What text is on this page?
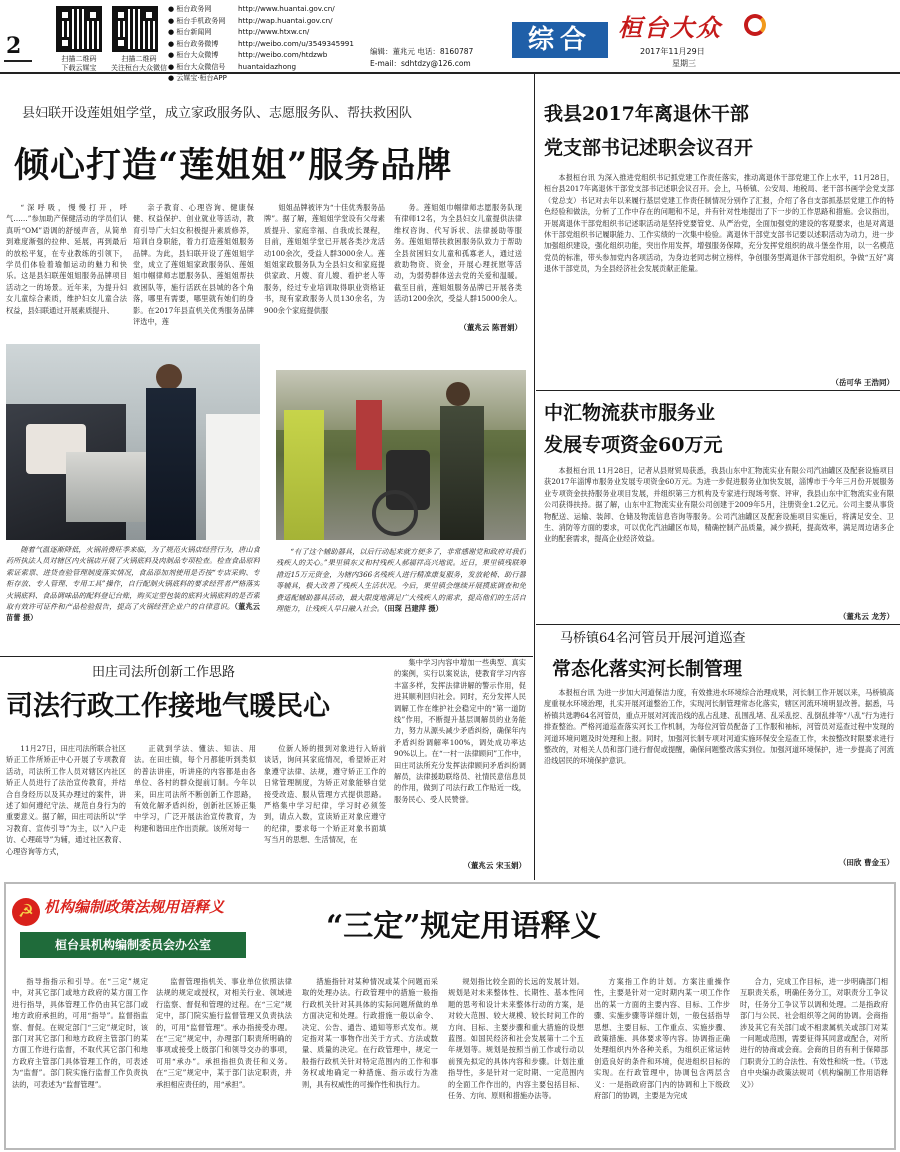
2	扫描二维码
下载云媒宝
扫描二维码
关注桓台大众微信
● 桓台政务网
● 桓台手机政务网
● 桓台新闻网
● 桓台政务微博
● 桓台大众微博
● 桓台大众微信号
● 云媒宝·桓台APP
http://www.huantai.gov.cn/
http://wap.huantai.gov.cn/
http://www.htxw.cn/
http://weibo.com/u/3549345991
http://weibo.com/htdzwb
huantaidazhong
编辑：董兆元 电话：8160787
E-mail：sdhtdzy@126.com
综合	桓台大众
2017年11月29日
星期三
县妇联开设莲姐姐学堂，成立家政服务队、志愿服务队、帮扶救困队
倾心打造“莲姐姐”服务品牌
“深呼吸，慢慢打开，呼气……”参加助产保健活动的学员们认真听“OM”语调的舒缓声音，从简单到难度渐强的拉伸、延展，再到最后的放松平复，在专业教练的引领下，学员们体验着瑜伽运动的魅力和快乐。这是县妇联莲姐姐服务品牌项目活动之一的场景。近年来，为提升妇女儿童综合素质，维护妇女儿童合法权益，县妇联通过开展素质提升、
亲子教育、心理咨询、健康保健、权益保护、创业就业等活动，教育引导广大妇女积极提升素质修养，培训自身职能，着力打造莲姐姐服务品牌。为此，县妇联开设了莲姐姐学堂，成立了莲姐姐家政服务队、莲姐姐巾帼律师志愿服务队、莲姐姐帮扶救困队等，施行活跃在县城的各个角落，哪里有需要，哪里就有她们的身影。在2017年县直机关优秀服务品牌评选中，莲
姐姐品牌被评为“十佳优秀服务品牌”。据了解，莲姐姐学堂设有父母素质提升、家庭幸福、自我成长课程，目前，莲姐姐学堂已开展各类沙龙活动100余次，受益人群3000余人。莲姐姐家政服务队为全县妇女和家庭提供家政、月嫂、育儿嫂、看护老人等服务，经过专业培训取得职业资格证书，现有家政服务人员130余名，为900余个家庭提供服
务。莲姐姐巾帼律师志愿服务队现有律师12名，为全县妇女儿童提供法律维权咨询、代写诉状、法律援助等服务。莲姐姐帮扶救困服务队致力于帮助全县贫困妇女儿童和孤寡老人，通过送救助物资、资金，开展心理抚慰等活动，为弱势群体送去党的关爱和温暖。截至目前，莲姐姐服务品牌已开展各类活动1200余次，受益人群15000余人。
（董兆云 陈晋娟）
随着气温逐渐降低，火锅消费旺季来临，为了规范火锅店经营行为，唐山食药所执法人员对辖区内火锅店开展了火锅底料及肉制品专项检查。检查食品原料索证索票、进货查验管理制度落实情况，食品添加剂使用是否按“专店采购、专柜存放、专人管理、专用工具”操作，自行配制火锅底料的要求经营者严格落实火锅底料、食品调味品的配料登记台账，购买定型包装的底料火锅底料的是否索取有效许可证件和产品检验报告，提高了火锅经营企业户的自律意识。（董兆云 苗蕾 摄）
“有了这个辅助器具，以后行动起来就方便多了，非常感谢党和政府对我们残疾人的关心。”果里镇东义和村残疾人郝福祥高兴地说。近日，果里镇残联筹措近15万元资金，为辖内366名残疾人进行精准康复服务，发放轮椅、助行器等辅具，极大改善了残疾人生活状况。今后，果里镇会继续开展摸底调查和免费适配辅助器具活动，最大限度地满足广大残疾人的需求，提高他们的生活自理能力，让残疾人早日融入社会。（田琛 吕建萍 摄）
我县2017年离退休干部
党支部书记述职会议召开
本报桓台讯 为深入推进党组织书记抓党建工作责任落实，推动离退休干部党建工作上水平，11月28日，桓台县2017年离退休干部党支部书记述职会议召开。会上，马桥镇、公安局、地税局、老干部书画学会党支部（党总支）书记对去年以来履行基层党建工作责任制情况分别作了汇报，介绍了各自支部抓基层党建工作的特色经验和做法，分析了工作中存在的问题和不足，并有针对性地提出了下一步的工作思路和措施。会议指出，开展离退休干部党组织书记述职活动是坚持党要管党、从严治党，全面加强党的建设的客观要求，也是对离退休干部党组织书记履职能力、工作实绩的一次集中检验。离退休干部党支部书记要以述职活动为动力，进一步加强组织建设，强化组织功能，突出作用发挥，增强服务保障，充分发挥党组织的战斗堡垒作用，以一名模范党员的标准，带头参加党内各项活动，为身边老同志树立榜样，争创服务型离退休干部党组织，争做“五好”离退休干部党员，为全县经济社会发展贡献正能量。
（岳可华 王浩同）
中汇物流获市服务业
发展专项资金60万元
本报桓台讯 11月28日，记者从县财贸局获悉，我县山东中汇物流实业有限公司汽油罐区及配套设施项目获2017年淄博市服务业发展专项资金60万元。为进一步促进服务业加快发展，淄博市于今年三月份开展服务业专项资金扶持服务业项目发展，并组织第三方机构及专家进行现场考察、评审，我县山东中汇物流实业有限公司获得扶持。据了解，山东中汇物流实业有限公司创建于2009年5月，注册资金1.2亿元。公司主要从事货物配送、运输、装卸、仓储及物流信息咨询等服务。公司汽油罐区及配套设施项目实施后，将满足安全、卫生、消防等方面的要求，可以优化汽油罐区布局，精确控制产品质量，减少损耗，提高效率，满足周边诸多企业的配套需求，提高企业经济效益。
（董兆云 龙芳）
马桥镇64名河管员开展河道巡查
常态化落实河长制管理
本报桓台讯 为进一步加大河道保洁力度，有效推进水环境综合治理成果，河长制工作开展以来，马桥镇高度重视水环境治理，扎实开展河道整治工作，实现河长制管理常态化落实，辖区河流环境明显改善。据悉，马桥镇共选聘64名河管员，重点开展对河流沿线的乱占乱建、乱围乱堵、乱采乱挖、乱倒乱排等“八乱”行为进行排查整治。严格河道巡查落实河长工作机制，为每位河管员配备了工作服和袖标，河管员对巡查过程中发现的河道环境问题及时处理和上报。同时，加强河长制专项对河道实施环保安全巡查工作，未按整改时限要求进行整改的，对相关人员和部门进行督促或提醒，确保问题整改落实到位。加强河道环境保护，进一步提高了河流沿线居民的环境保护意识。
（田欣 曹金玉）
田庄司法所创新工作思路
司法行政工作接地气暖民心
11月27日，田庄司法所联合社区矫正工作所矫正中心开展了专项教育活动，司法所工作人员对辖区内社区矫正人员进行了法治宣传教育，并结合自身经历以及其办理过的案件，讲述了如何遵纪守法、规范自身行为的重要意义。据了解，田庄司法所以“学习教育、宣传引导”为主，以“入户走访、心理疏导”为辅，通过社区教育、心理咨询等方式，
正就到学法、懂法、知法、用法。在田庄镇，每个月都能听到类似的普法讲座，听讲座的内容都是由各单位、各村的群众提前订制。今年以来，田庄司法所不断创新工作思路，有效化解矛盾纠纷，创新社区矫正集中学习，广泛开展法治宣传教育，为构建和谐田庄作出贡献。该所对每一
位新人矫的报到对象进行入矫前谈话，询问其家庭情况，希望矫正对象遵守法律、法规，遵守矫正工作的日常管理制度，为矫正对象能够自觉接受改造、服从管理方式提供思路。严格集中学习纪律，学习时必须签到，请点入数，宣读矫正对象应遵守的纪律，要求每一个矫正对象书面填写当月的思想、生活情况，在
集中学习内容中增加一些典型、真实的案例，实行以案说法，使教育学习内容丰富多样，发挥法律讲解的警示作用，促进其顺利回归社会。同时，充分发挥人民调解工作在维护社会稳定中的“第一道防线”作用，不断提升基层调解员的业务能力，努力从源头减少矛盾纠纷，确保年内矛盾纠纷调解率100%，调处成功率达90%以上。在“一村一法律顾问”工作中，田庄司法所充分发挥法律顾问矛盾纠纷调解员，法律援助联络员、社情民意信息员的作用，做到了司法行政工作贴近一线，服务民心、受人民赞誉。
（董兆云 宋玉娟）
☭ 机构编制政策法规用语释义
桓台县机构编制委员会办公室
“三定”规定用语释义
指导指指示和引导。在“三定”规定中，对其它部门或地方政府的某方面工作进行指导，具体管理工作仍由其它部门或地方政府承担的，可用“指导”。监督指监察、督促。在规定部门“三定”规定时，该部门对其它部门和地方政府主管部门的某方面工作进行监督，不取代其它部门和地方政府主管部门具体管理工作的，可表述为“监督”。部门院实施行监督工作负责执法的，可表述为“监督管理”。
监督管理指机关、事业单位依照法律法规的规定或授权，对相关行业、领域进行监察、督促和管理的过程。在“三定”规定中，部门院实施行监督管理又负责执法的，可用“监督管理”。承办指接受办理。在“三定”规定中，办理部门职责所明确的事项或接受上级部门和领导交办的事项，可用“承办”。承担指担负责任和义务。在“三定”规定中，某于部门法定职责，并承担相应责任的，用“承担”。
措施指针对某种情况或某个问题而采取的处理办法。行政管理中的措施一般指行政机关针对其具体的实际问题所做的单方面决定和处理。行政措施一般以命令、决定、公告、通告、通知等形式发布。规定指对某一事物作出关于方式、方法或数量、质量的决定。在行政管理中，规定一般指行政机关针对特定范围内的工作和事务权或地确定一种措施、指示或行为准则，具有权威性的可操作性和执行力。
规划指比较全面的长远的发展计划。规划是对未来整体性、长期性、基本性问题的思考和设计未来整体行动的方案，是对较大范围、较大规模、较长时间工作的方向、目标、主要步骤和重大措施的设想蓝图。如国民经济和社会发展第十二个五年规划等。规划是按照当前工作或行动以前预先拟定的具体内容和步骤。计划注重指导性，多是针对一定时期、一定范围内的全面工作作出的，内容主要包括目标、任务、方向、原则和措施办法等。
方案指工作的计划。方案注重操作性，主要是针对一定时期内某一项工作作出的某一方面的主要内容、目标、工作步骤、实施步骤等详细计划，一般包括指导思想、主要目标、工作重点、实施步骤、政策措施、具体要求等内容。协调指正确处理组织内外各种关系，为组织正常运转创造良好的条件和环境，促进组织目标的实现。在行政管理中，协调包含两层含义：一是指政府部门内的协调和上下级政府部门的协调，主要是为完成
合力，完成工作目标，进一步明确部门相互职责关系，明确任务分工，对职责分工争议时，任务分工争议节以调和处理。二是指政府部门与公民、社会组织等之间的协调。会商指涉及其它有关部门或不相隶属机关或部门对某一问题或范围，需要征得其同意或配合，对所进行的协商或会商。会商的目的有利于保障部门职责分工的合法性、有效性和统一性。（节选自中央编办政策法规司《机构编制工作用语释义》）
